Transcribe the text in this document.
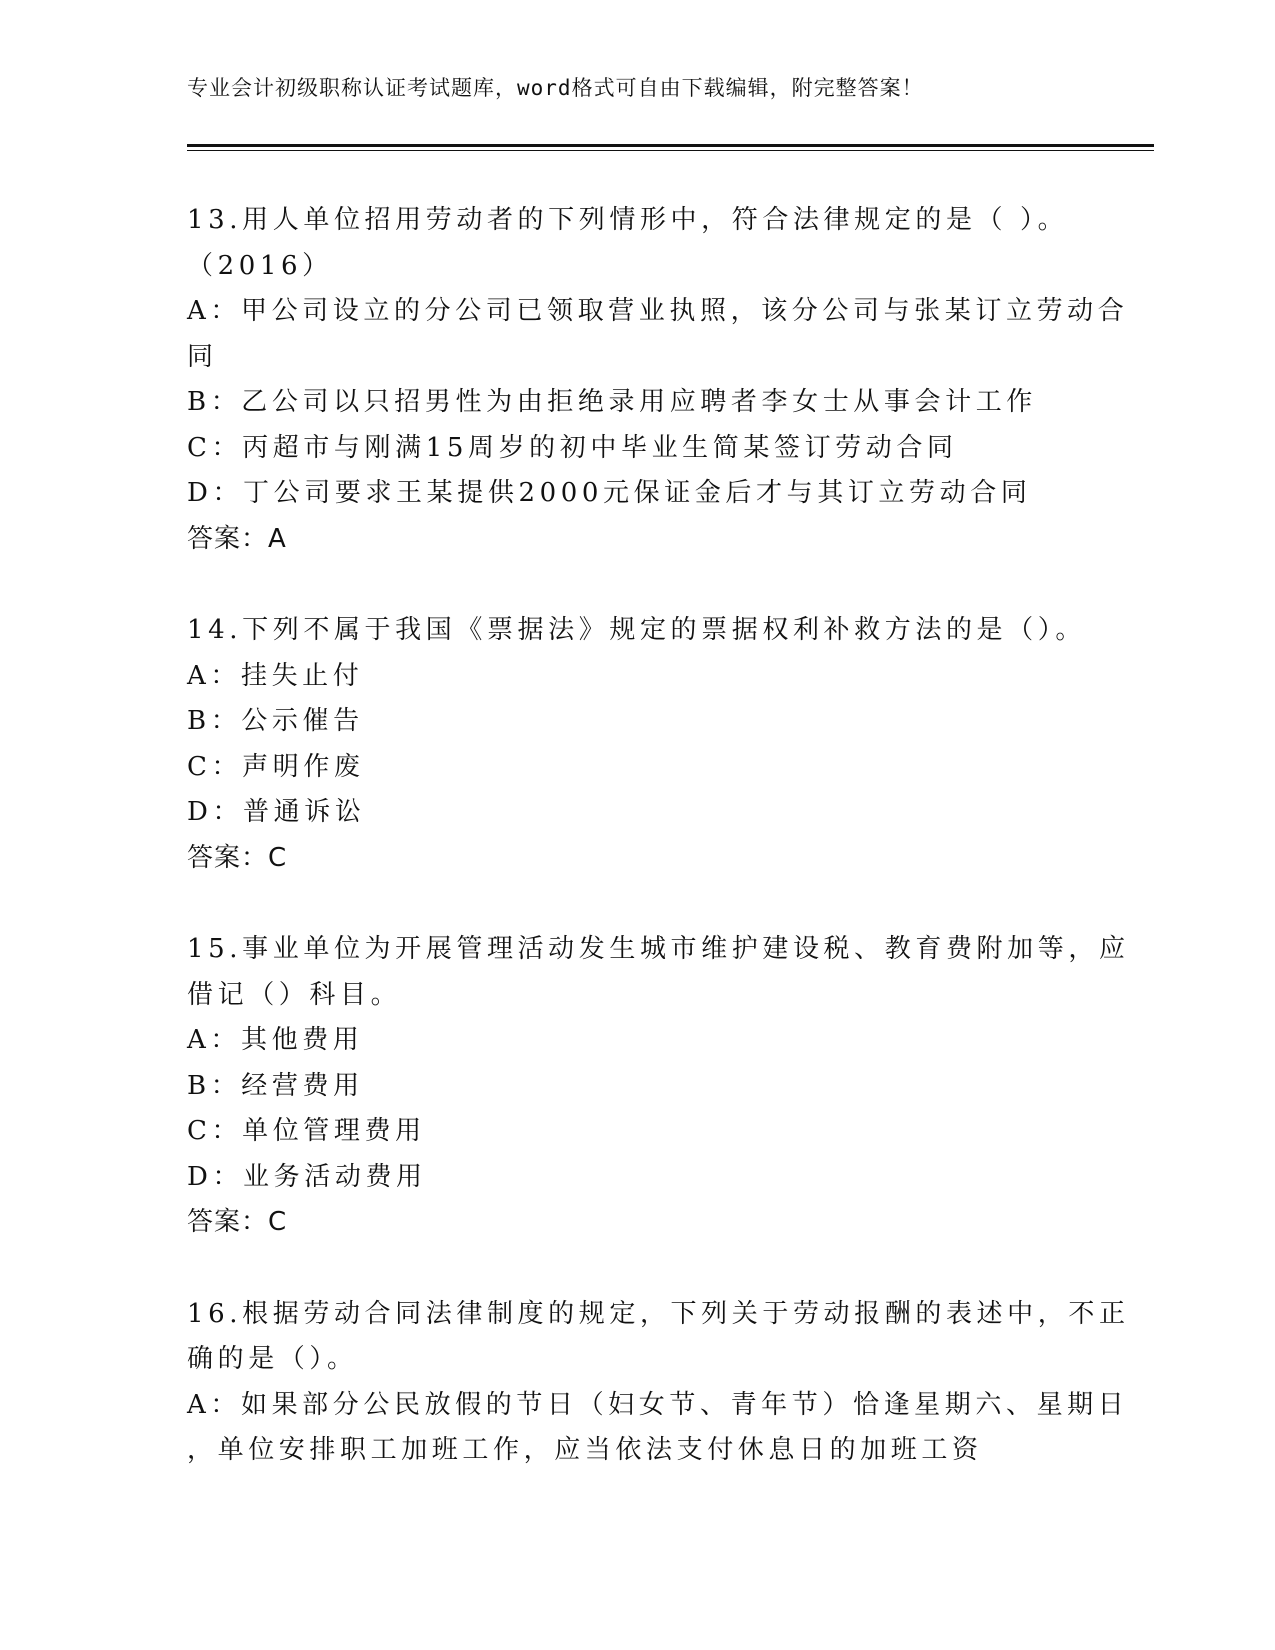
专业会计初级职称认证考试题库，word格式可自由下载编辑，附完整答案！
13.用人单位招用劳动者的下列情形中，符合法律规定的是（ ）。
（2016）
A：甲公司设立的分公司已领取营业执照，该分公司与张某订立劳动合
同
B：乙公司以只招男性为由拒绝录用应聘者李女士从事会计工作
C：丙超市与刚满15周岁的初中毕业生简某签订劳动合同
D：丁公司要求王某提供2000元保证金后才与其订立劳动合同
答案：A
14.下列不属于我国《票据法》规定的票据权利补救方法的是（）。
A：挂失止付
B：公示催告
C：声明作废
D：普通诉讼
答案：C
15.事业单位为开展管理活动发生城市维护建设税、教育费附加等，应
借记（）科目。
A：其他费用
B：经营费用
C：单位管理费用
D：业务活动费用
答案：C
16.根据劳动合同法律制度的规定，下列关于劳动报酬的表述中，不正
确的是（）。
A：如果部分公民放假的节日（妇女节、青年节）恰逢星期六、星期日
，单位安排职工加班工作，应当依法支付休息日的加班工资
